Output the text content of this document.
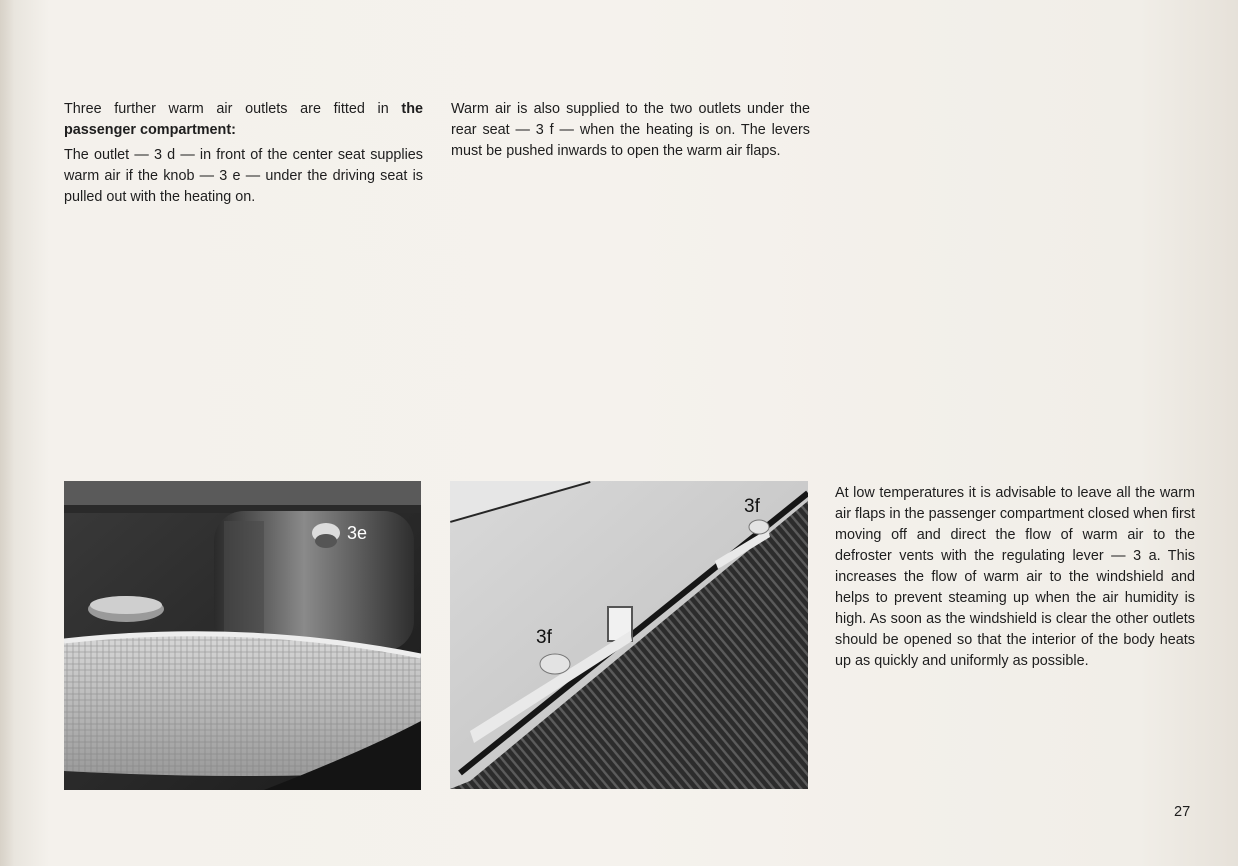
Three further warm air outlets are fitted in the passenger compartment:

The outlet — 3 d — in front of the center seat supplies warm air if the knob — 3 e — under the driving seat is pulled out with the heating on.

Warm air is also supplied to the two outlets under the rear seat — 3 f — when the heating is on. The levers must be pushed inwards to open the warm air flaps.

3e
3f
3f

At low temperatures it is advisable to leave all the warm air flaps in the passenger compartment closed when first moving off and direct the flow of warm air to the defroster vents with the regulating lever — 3 a. This increases the flow of warm air to the windshield and helps to prevent steaming up when the air humidity is high. As soon as the windshield is clear the other outlets should be opened so that the interior of the body heats up as quickly and uniformly as possible.

27
